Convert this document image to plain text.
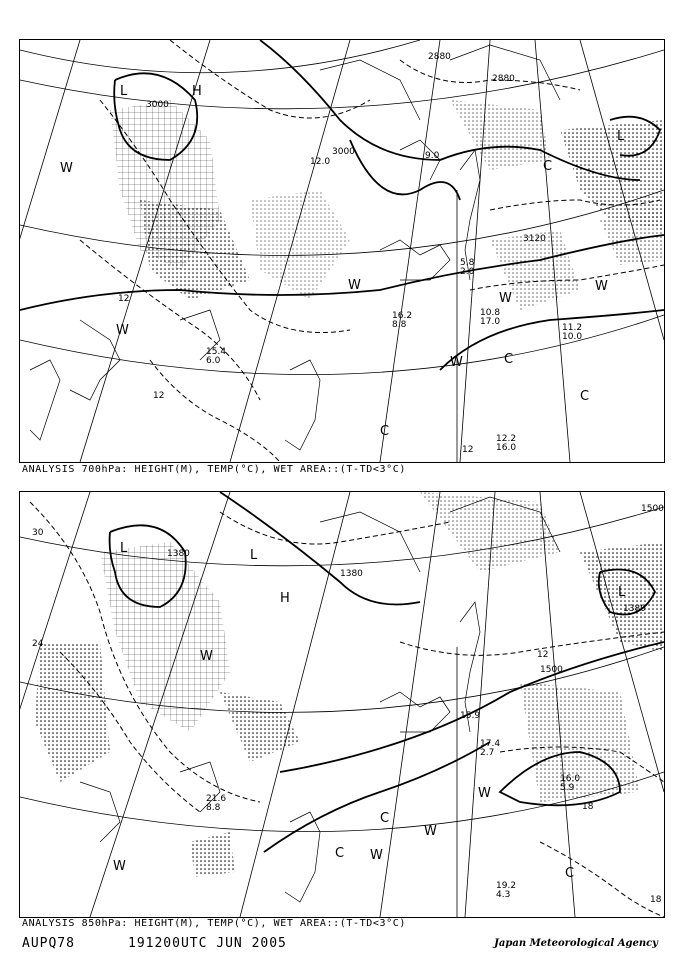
3000
3000
2880
2880
3120
12
12
12
L
L
H
C
C
C
C
W
W
W
W
W
W
12.0
9.0
10.8
17.0
11.2
10.0
12.2
16.0
15.4
6.0
16.2
8.8
5.8
2.0
ANALYSIS 700hPa: HEIGHT(M), TEMP(°C), WET AREA::(T-TD<3°C)
1380
1380
1380
1500
1500
30
24
12
18
18
L	L
L
H
C
C
C
W
W
W
W
W
17.4
2.7
19.2
4.3
21.6
8.8
16.0
5.9
15.9
ANALYSIS 850hPa: HEIGHT(M), TEMP(°C), WET AREA::(T-TD<3°C)
AUPQ78	191200UTC JUN 2005	Japan Meteorological Agency
